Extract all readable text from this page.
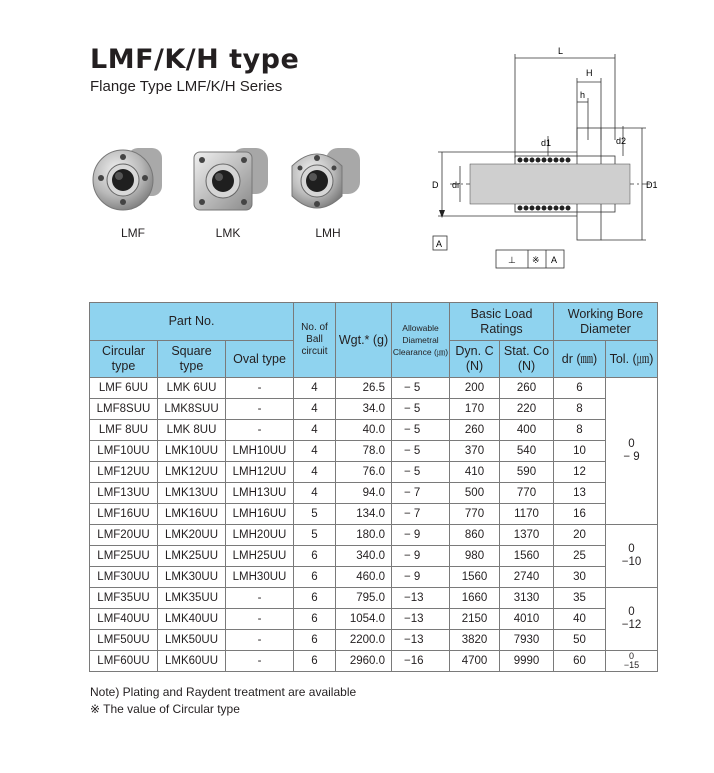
LMF/K/H type
Flange Type LMF/K/H Series
LMF	LMK	LMH
L
H
h
d1	d2
D dr	D1
A
⊥ ※ A
Part No.			No. of Ball circuit	Wgt.* (g)	Allowable Diametral Clearance (㎛)	Basic Load Ratings		Working Bore Diameter	
Circular type	Square type	Oval type				Dyn. C (N)	Stat. Co (N)	dr (㎜)	Tol. (㎛)
LMF 6UU	LMK 6UU	-	4	26.5	− 5	200	260	6	0
− 9

LMF8SUU	LMK8SUU	-	4	34.0	− 5	170	220	8	
LMF 8UU	LMK 8UU	-	4	40.0	− 5	260	400	8	
LMF10UU	LMK10UU	LMH10UU	4	78.0	− 5	370	540	10	
LMF12UU	LMK12UU	LMH12UU	4	76.0	− 5	410	590	12	
LMF13UU	LMK13UU	LMH13UU	4	94.0	− 7	500	770	13	
LMF16UU	LMK16UU	LMH16UU	5	134.0	− 7	770	1170	16	
LMF20UU	LMK20UU	LMH20UU	5	180.0	− 9	860	1370	20	0
−10

LMF25UU	LMK25UU	LMH25UU	6	340.0	− 9	980	1560	25	
LMF30UU	LMK30UU	LMH30UU	6	460.0	− 9	1560	2740	30	
LMF35UU	LMK35UU	-	6	795.0	−13	1660	3130	35	0
−12

LMF40UU	LMK40UU	-	6	1054.0	−13	2150	4010	40	
LMF50UU	LMK50UU	-	6	2200.0	−13	3820	7930	50	
LMF60UU	LMK60UU	-	6	2960.0	−16	4700	9990	60	0
−15
Note) Plating and Raydent treatment are available
※ The value of Circular type
